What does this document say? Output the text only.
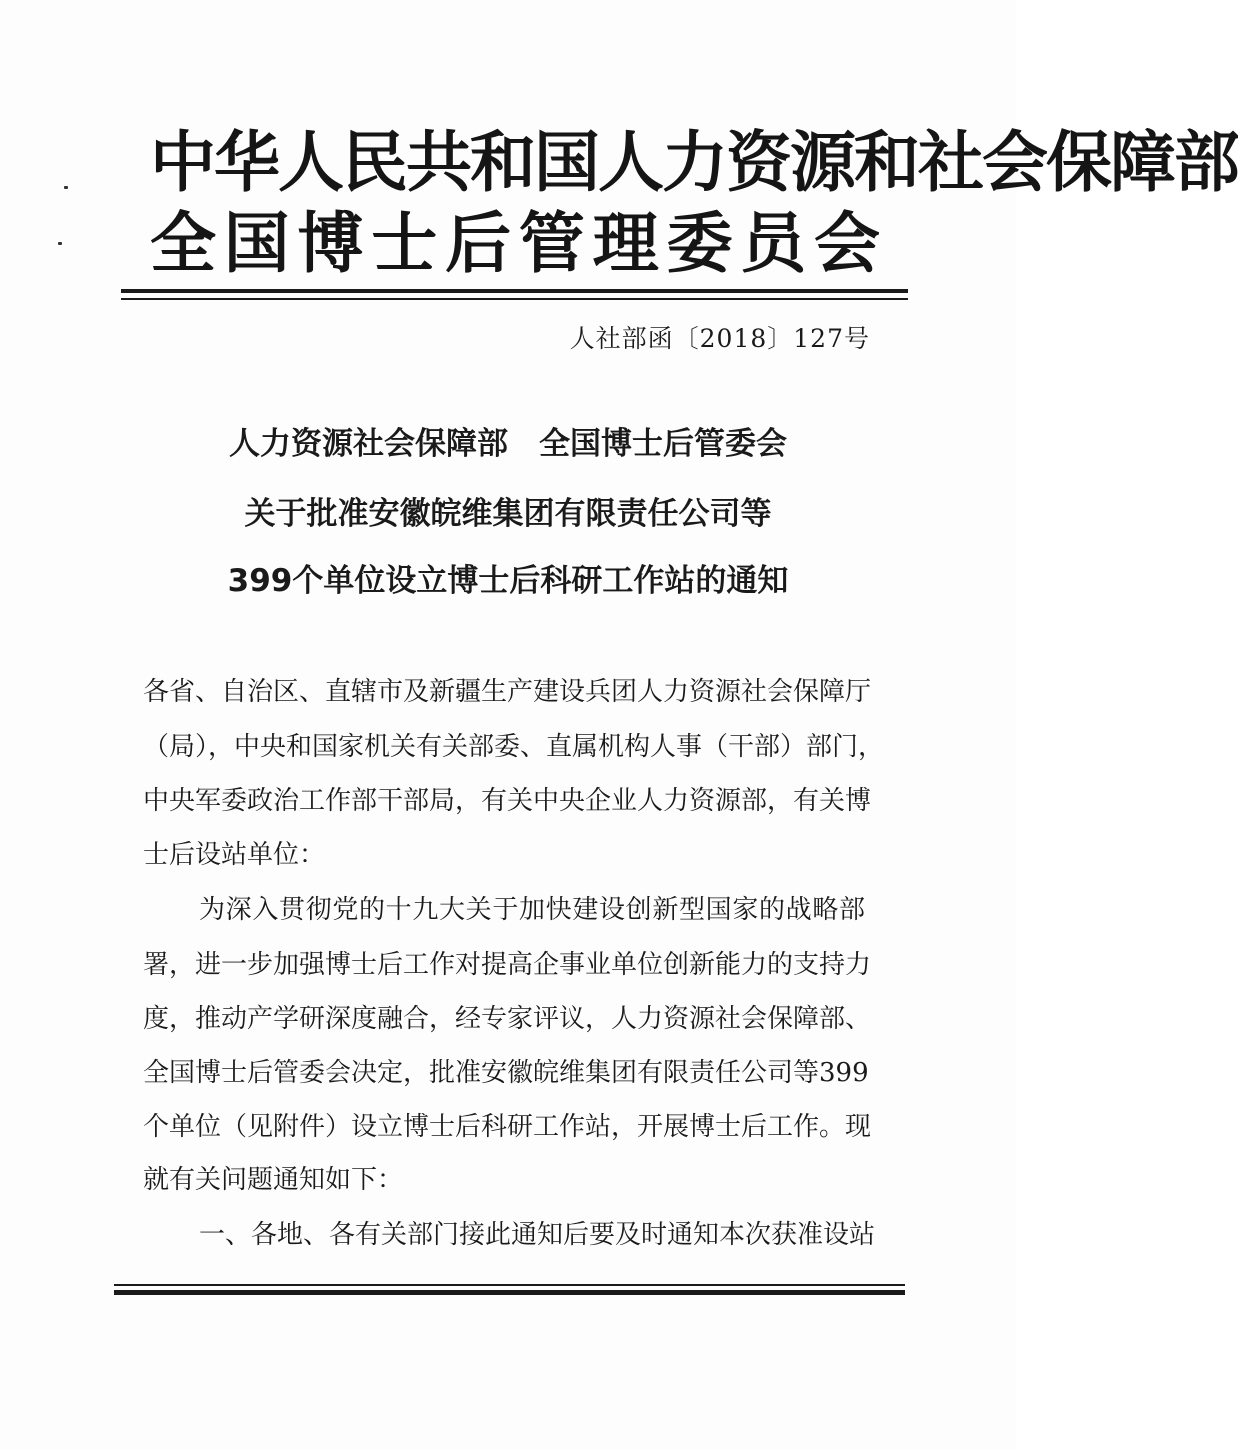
中华人民共和国人力资源和社会保障部
全国博士后管理委员会
人社部函〔2018〕127号
人力资源社会保障部　全国博士后管委会
关于批准安徽皖维集团有限责任公司等
399个单位设立博士后科研工作站的通知
各省、自治区、直辖市及新疆生产建设兵团人力资源社会保障厅
（局），中央和国家机关有关部委、直属机构人事（干部）部门，
中央军委政治工作部干部局，有关中央企业人力资源部，有关博
士后设站单位：
为深入贯彻党的十九大关于加快建设创新型国家的战略部
署，进一步加强博士后工作对提高企事业单位创新能力的支持力
度，推动产学研深度融合，经专家评议，人力资源社会保障部、
全国博士后管委会决定，批准安徽皖维集团有限责任公司等399
个单位（见附件）设立博士后科研工作站，开展博士后工作。现
就有关问题通知如下：
一、各地、各有关部门接此通知后要及时通知本次获准设站
